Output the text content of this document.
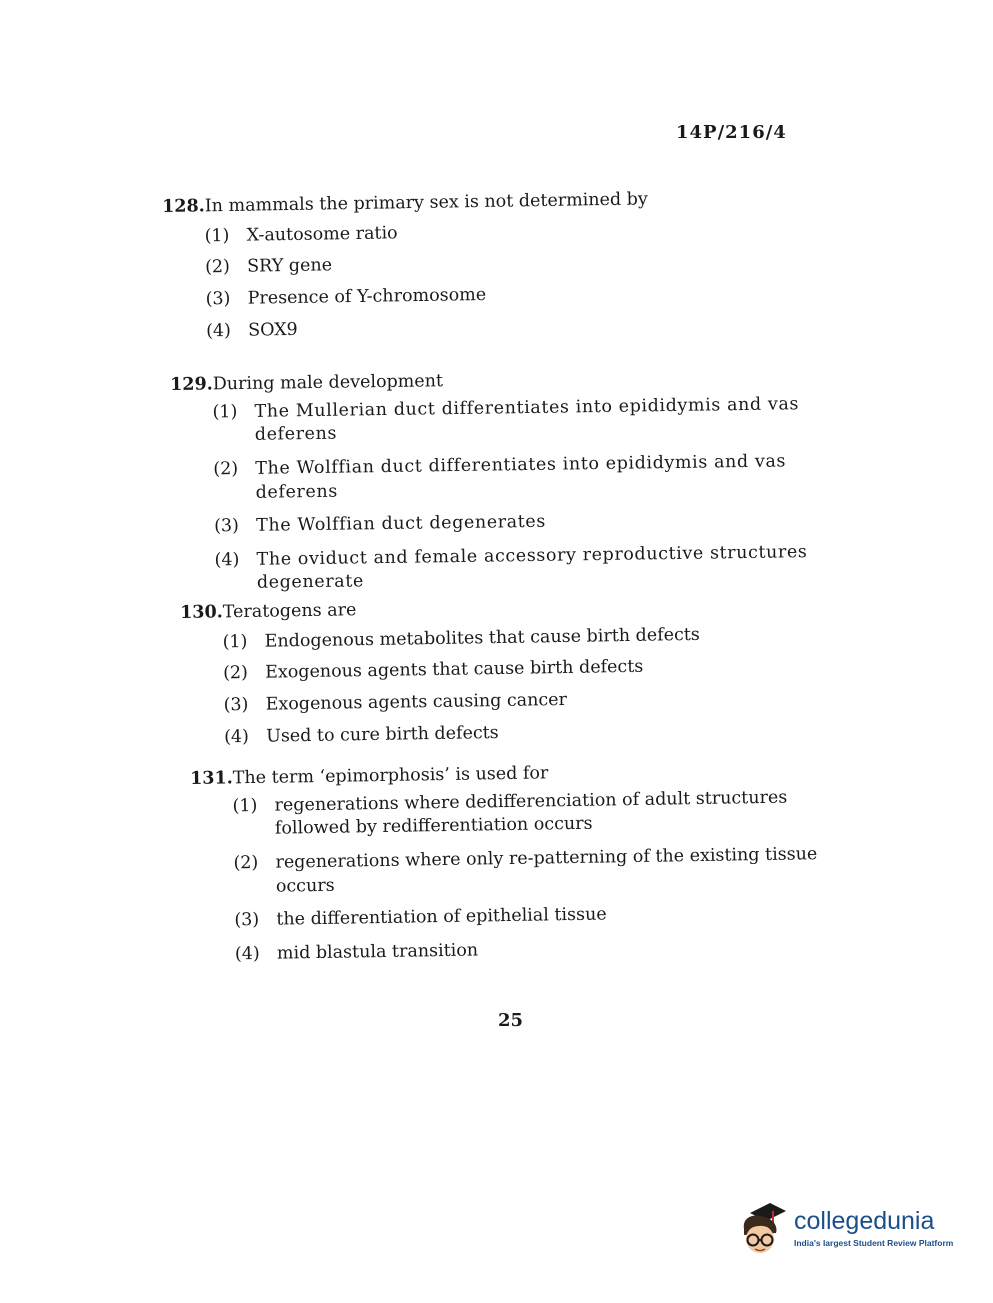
14P/216/4
128.In mammals the primary sex is not determined by
(1) X-autosome ratio
(2) SRY gene
(3) Presence of Y-chromosome
(4) SOX9
129.During male development
(1) The Mullerian duct differentiates into epididymis and vas deferens
(2) The Wolffian duct differentiates into epididymis and vas deferens
(3) The Wolffian duct degenerates
(4) The oviduct and female accessory reproductive structures degenerate
130.Teratogens are
(1) Endogenous metabolites that cause birth defects
(2) Exogenous agents that cause birth defects
(3) Exogenous agents causing cancer
(4) Used to cure birth defects
131.The term ‘epimorphosis’ is used for
(1) regenerations where dedifferenciation of adult structures followed by redifferentiation occurs
(2) regenerations where only re-patterning of the existing tissue occurs
(3) the differentiation of epithelial tissue
(4) mid blastula transition
25
collegedunia
India's largest Student Review Platform
